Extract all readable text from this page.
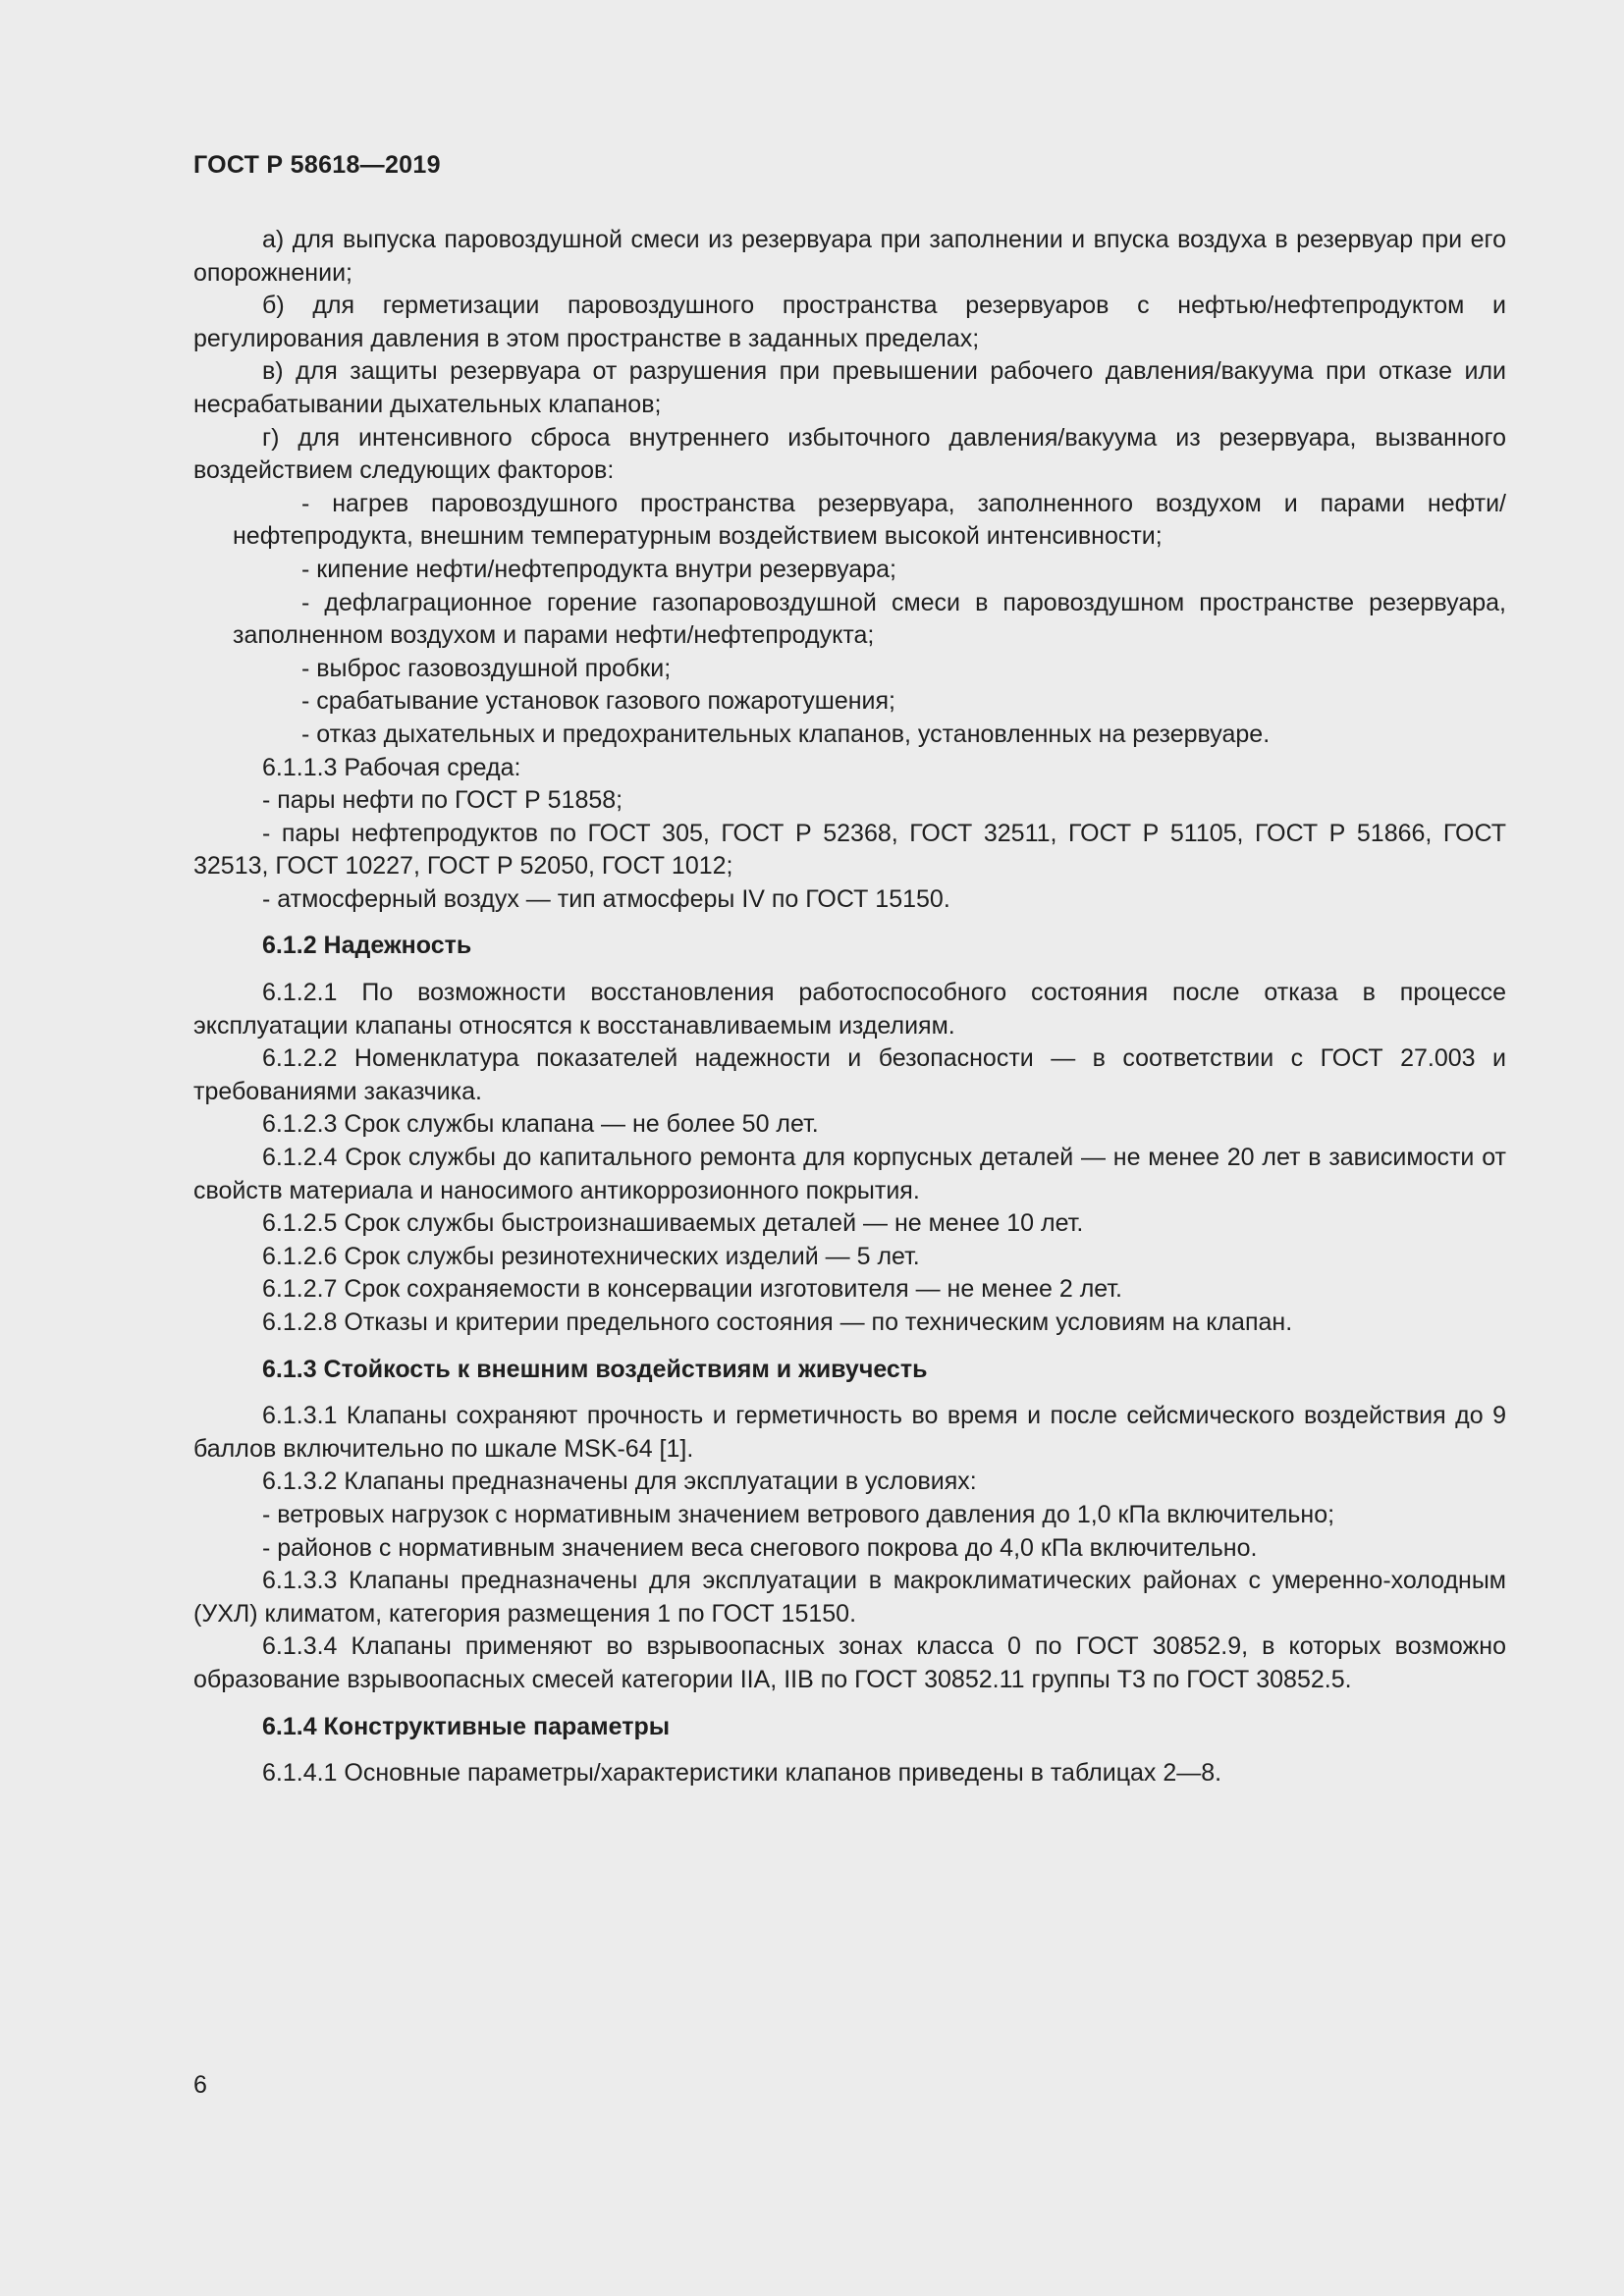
ГОСТ Р 58618—2019

а) для выпуска паровоздушной смеси из резервуара при заполнении и впуска воздуха в резервуар при его опорожнении;

б) для герметизации паровоздушного пространства резервуаров с нефтью/нефтепродуктом и регулирования давления в этом пространстве в заданных пределах;

в) для защиты резервуара от разрушения при превышении рабочего давления/вакуума при отказе или несрабатывании дыхательных клапанов;

г) для интенсивного сброса внутреннего избыточного давления/вакуума из резервуара, вызванного воздействием следующих факторов:

- нагрев паровоздушного пространства резервуара, заполненного воздухом и парами нефти/нефтепродукта, внешним температурным воздействием высокой интенсивности;

- кипение нефти/нефтепродукта внутри резервуара;

- дефлаграционное горение газопаровоздушной смеси в паровоздушном пространстве резервуара, заполненном воздухом и парами нефти/нефтепродукта;

- выброс газовоздушной пробки;

- срабатывание установок газового пожаротушения;

- отказ дыхательных и предохранительных клапанов, установленных на резервуаре.

6.1.1.3 Рабочая среда:

- пары нефти по ГОСТ Р 51858;

- пары нефтепродуктов по ГОСТ 305, ГОСТ Р 52368, ГОСТ 32511, ГОСТ Р 51105, ГОСТ Р 51866, ГОСТ 32513, ГОСТ 10227, ГОСТ Р 52050, ГОСТ 1012;

- атмосферный воздух — тип атмосферы IV по ГОСТ 15150.

6.1.2 Надежность

6.1.2.1 По возможности восстановления работоспособного состояния после отказа в процессе эксплуатации клапаны относятся к восстанавливаемым изделиям.

6.1.2.2 Номенклатура показателей надежности и безопасности — в соответствии с ГОСТ 27.003 и требованиями заказчика.

6.1.2.3 Срок службы клапана — не более 50 лет.

6.1.2.4 Срок службы до капитального ремонта для корпусных деталей — не менее 20 лет в зависимости от свойств материала и наносимого антикоррозионного покрытия.

6.1.2.5 Срок службы быстроизнашиваемых деталей — не менее 10 лет.

6.1.2.6 Срок службы резинотехнических изделий — 5 лет.

6.1.2.7 Срок сохраняемости в консервации изготовителя — не менее 2 лет.

6.1.2.8 Отказы и критерии предельного состояния — по техническим условиям на клапан.

6.1.3 Стойкость к внешним воздействиям и живучесть

6.1.3.1 Клапаны сохраняют прочность и герметичность во время и после сейсмического воздействия до 9 баллов включительно по шкале MSK-64 [1].

6.1.3.2 Клапаны предназначены для эксплуатации в условиях:

- ветровых нагрузок с нормативным значением ветрового давления до 1,0 кПа включительно;

- районов с нормативным значением веса снегового покрова до 4,0 кПа включительно.

6.1.3.3 Клапаны предназначены для эксплуатации в макроклиматических районах с умеренно-холодным (УХЛ) климатом, категория размещения 1 по ГОСТ 15150.

6.1.3.4 Клапаны применяют во взрывоопасных зонах класса 0 по ГОСТ 30852.9, в которых возможно образование взрывоопасных смесей категории IIA, IIB по ГОСТ 30852.11 группы Т3 по ГОСТ 30852.5.

6.1.4 Конструктивные параметры

6.1.4.1 Основные параметры/характеристики клапанов приведены в таблицах 2—8.

6
